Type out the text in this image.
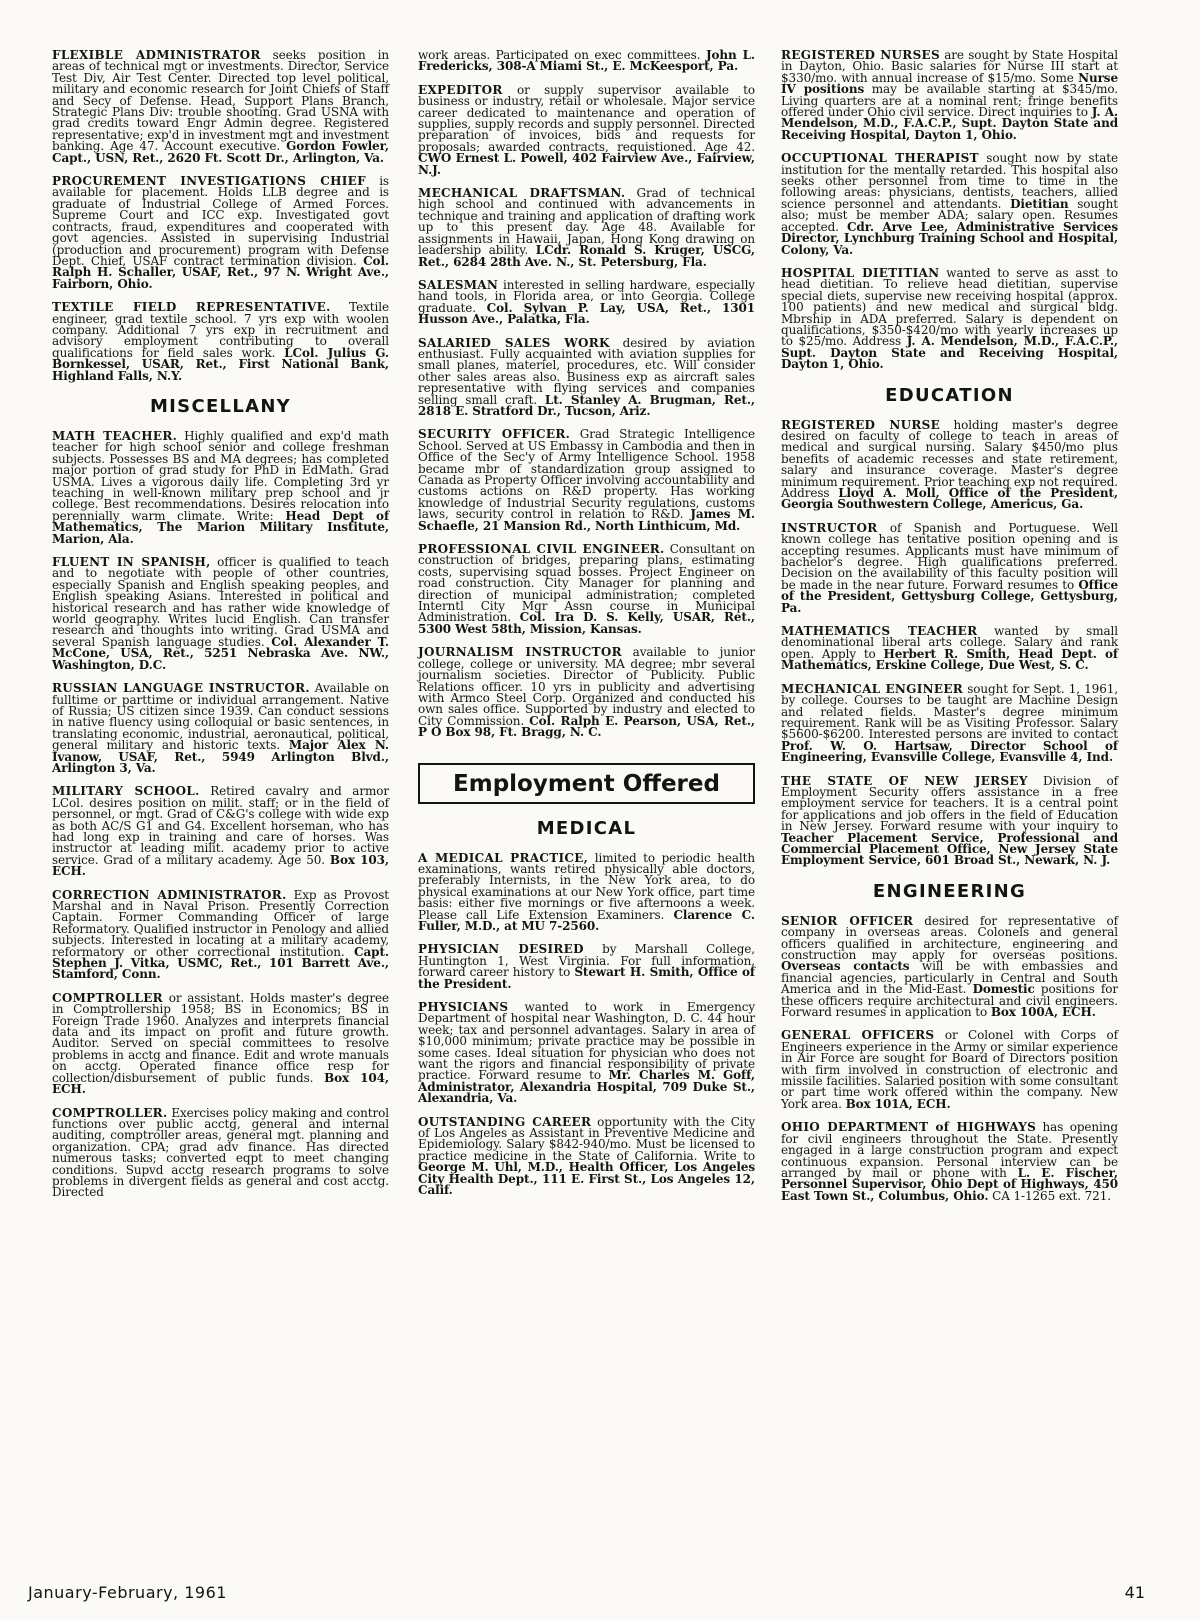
FLEXIBLE ADMINISTRATOR seeks position in areas of technical mgt or investments. Director, Service Test Div, Air Test Center. Directed top level political, military and economic research for Joint Chiefs of Staff and Secy of Defense. Head, Support Plans Branch, Strategic Plans Div: trouble shooting. Grad USNA with grad credits toward Engr Admin degree. Registered representative; exp'd in investment mgt and investment banking. Age 47. Account executive. Gordon Fowler, Capt., USN, Ret., 2620 Ft. Scott Dr., Arlington, Va.

PROCUREMENT INVESTIGATIONS CHIEF is available for placement. Holds LLB degree and is graduate of Industrial College of Armed Forces. Supreme Court and ICC exp. Investigated govt contracts, fraud, expenditures and cooperated with govt agencies. Assisted in supervising Industrial (production and procurement) program with Defense Dept. Chief, USAF contract termination division. Col. Ralph H. Schaller, USAF, Ret., 97 N. Wright Ave., Fairborn, Ohio.

TEXTILE FIELD REPRESENTATIVE. Textile engineer, grad textile school. 7 yrs exp with woolen company. Additional 7 yrs exp in recruitment and advisory employment contributing to overall qualifications for field sales work. LCol. Julius G. Bornkessel, USAR, Ret., First National Bank, Highland Falls, N.Y.

MISCELLANY

MATH TEACHER. Highly qualified and exp'd math teacher for high school senior and college freshman subjects. Possesses BS and MA degrees; has completed major portion of grad study for PhD in EdMath. Grad USMA. Lives a vigorous daily life. Completing 3rd yr teaching in well-known military prep school and jr college. Best recommendations. Desires relocation into perennially warm climate. Write: Head Dept of Mathematics, The Marion Military Institute, Marion, Ala.

FLUENT IN SPANISH, officer is qualified to teach and to negotiate with people of other countries, especially Spanish and English speaking peoples, and English speaking Asians. Interested in political and historical research and has rather wide knowledge of world geography. Writes lucid English. Can transfer research and thoughts into writing. Grad USMA and several Spanish language studies. Col. Alexander T. McCone, USA, Ret., 5251 Nebraska Ave. NW., Washington, D.C.

RUSSIAN LANGUAGE INSTRUCTOR. Available on fulltime or parttime or individual arrangement. Native of Russia; US citizen since 1939. Can conduct sessions in native fluency using colloquial or basic sentences, in translating economic, industrial, aeronautical, political, general military and historic texts. Major Alex N. Ivanow, USAF, Ret., 5949 Arlington Blvd., Arlington 3, Va.

MILITARY SCHOOL. Retired cavalry and armor LCol. desires position on milit. staff; or in the field of personnel, or mgt. Grad of C&G's college with wide exp as both AC/S G1 and G4. Excellent horseman, who has had long exp in training and care of horses. Was instructor at leading milit. academy prior to active service. Grad of a military academy. Age 50. Box 103, ECH.

CORRECTION ADMINISTRATOR. Exp as Provost Marshal and in Naval Prison. Presently Correction Captain. Former Commanding Officer of large Reformatory. Qualified instructor in Penology and allied subjects. Interested in locating at a military academy, reformatory or other correctional institution. Capt. Stephen J. Vitka, USMC, Ret., 101 Barrett Ave., Stamford, Conn.

COMPTROLLER or assistant. Holds master's degree in Comptrollership 1958; BS in Economics; BS in Foreign Trade 1960. Analyzes and interprets financial data and its impact on profit and future growth. Auditor. Served on special committees to resolve problems in acctg and finance. Edit and wrote manuals on acctg. Operated finance office resp for collection/disbursement of public funds. Box 104, ECH.

COMPTROLLER. Exercises policy making and control functions over public acctg, general and internal auditing, comptroller areas, general mgt. planning and organization. CPA; grad adv finance. Has directed numerous tasks; converted eqpt to meet changing conditions. Supvd acctg research programs to solve problems in divergent fields as general and cost acctg. Directed

work areas. Participated on exec committees. John L. Fredericks, 308-A Miami St., E. McKeesport, Pa.

EXPEDITOR or supply supervisor available to business or industry, retail or wholesale. Major service career dedicated to maintenance and operation of supplies, supply records and supply personnel. Directed preparation of invoices, bids and requests for proposals; awarded contracts, requistioned. Age 42. CWO Ernest L. Powell, 402 Fairview Ave., Fairview, N.J.

MECHANICAL DRAFTSMAN. Grad of technical high school and continued with advancements in technique and training and application of drafting work up to this present day. Age 48. Available for assignments in Hawaii, Japan, Hong Kong drawing on leadership ability. LCdr. Ronald S. Kruger, USCG, Ret., 6284 28th Ave. N., St. Petersburg, Fla.

SALESMAN interested in selling hardware, especially hand tools, in Florida area, or into Georgia. College graduate. Col. Sylvan P. Lay, USA, Ret., 1301 Husson Ave., Palatka, Fla.

SALARIED SALES WORK desired by aviation enthusiast. Fully acquainted with aviation supplies for small planes, materiel, procedures, etc. Will consider other sales areas also. Business exp as aircraft sales representative with flying services and companies selling small craft. Lt. Stanley A. Brugman, Ret., 2818 E. Stratford Dr., Tucson, Ariz.

SECURITY OFFICER. Grad Strategic Intelligence School. Served at US Embassy in Cambodia and then in Office of the Sec'y of Army Intelligence School. 1958 became mbr of standardization group assigned to Canada as Property Officer involving accountability and customs actions on R&D property. Has working knowledge of Industrial Security regulations, customs laws, security control in relation to R&D. James M. Schaefle, 21 Mansion Rd., North Linthicum, Md.

PROFESSIONAL CIVIL ENGINEER. Consultant on construction of bridges, preparing plans, estimating costs, supervising squad bosses. Project Engineer on road construction. City Manager for planning and direction of municipal administration; completed Interntl City Mgr Assn course in Municipal Administration. Col. Ira D. S. Kelly, USAR, Ret., 5300 West 58th, Mission, Kansas.

JOURNALISM INSTRUCTOR available to junior college, college or university. MA degree; mbr several journalism societies. Director of Publicity. Public Relations officer. 10 yrs in publicity and advertising with Armco Steel Corp. Organized and conducted his own sales office. Supported by industry and elected to City Commission. Col. Ralph E. Pearson, USA, Ret., P O Box 98, Ft. Bragg, N. C.

Employment Offered
MEDICAL

A MEDICAL PRACTICE, limited to periodic health examinations, wants retired physically able doctors, preferably Internists, in the New York area, to do physical examinations at our New York office, part time basis: either five mornings or five afternoons a week. Please call Life Extension Examiners. Clarence C. Fuller, M.D., at MU 7-2560.

PHYSICIAN DESIRED by Marshall College, Huntington 1, West Virginia. For full information, forward career history to Stewart H. Smith, Office of the President.

PHYSICIANS wanted to work in Emergency Department of hospital near Washington, D. C. 44 hour week; tax and personnel advantages. Salary in area of $10,000 minimum; private practice may be possible in some cases. Ideal situation for physician who does not want the rigors and financial responsibility of private practice. Forward resume to Mr. Charles M. Goff, Administrator, Alexandria Hospital, 709 Duke St., Alexandria, Va.

OUTSTANDING CAREER opportunity with the City of Los Angeles as Assistant in Preventive Medicine and Epidemiology. Salary $842-940/mo. Must be licensed to practice medicine in the State of California. Write to George M. Uhl, M.D., Health Officer, Los Angeles City Health Dept., 111 E. First St., Los Angeles 12, Calif.

REGISTERED NURSES are sought by State Hospital in Dayton, Ohio. Basic salaries for Nurse III start at $330/mo. with annual increase of $15/mo. Some Nurse IV positions may be available starting at $345/mo. Living quarters are at a nominal rent; fringe benefits offered under Ohio civil service. Direct inquiries to J. A. Mendelson, M.D., F.A.C.P., Supt. Dayton State and Receiving Hospital, Dayton 1, Ohio.

OCCUPTIONAL THERAPIST sought now by state institution for the mentally retarded. This hospital also seeks other personnel from time to time in the following areas: physicians, dentists, teachers, allied science personnel and attendants. Dietitian sought also; must be member ADA; salary open. Resumes accepted. Cdr. Arve Lee, Administrative Services Director, Lynchburg Training School and Hospital, Colony, Va.

HOSPITAL DIETITIAN wanted to serve as asst to head dietitian. To relieve head dietitian, supervise special diets, supervise new receiving hospital (approx. 100 patients) and new medical and surgical bldg. Mbrship in ADA preferred. Salary is dependent on qualifications, $350-$420/mo with yearly increases up to $25/mo. Address J. A. Mendelson, M.D., F.A.C.P., Supt. Dayton State and Receiving Hospital, Dayton 1, Ohio.

EDUCATION

REGISTERED NURSE holding master's degree desired on faculty of college to teach in areas of medical and surgical nursing. Salary $450/mo plus benefits of academic recesses and state retirement, salary and insurance coverage. Master's degree minimum requirement. Prior teaching exp not required. Address Lloyd A. Moll, Office of the President, Georgia Southwestern College, Americus, Ga.

INSTRUCTOR of Spanish and Portuguese. Well known college has tentative position opening and is accepting resumes. Applicants must have minimum of bachelor's degree. High qualifications preferred. Decision on the availability of this faculty position will be made in the near future. Forward resumes to Office of the President, Gettysburg College, Gettysburg, Pa.

MATHEMATICS TEACHER wanted by small denominational liberal arts college. Salary and rank open. Apply to Herbert R. Smith, Head Dept. of Mathematics, Erskine College, Due West, S. C.

MECHANICAL ENGINEER sought for Sept. 1, 1961, by college. Courses to be taught are Machine Design and related fields. Master's degree minimum requirement. Rank will be as Visiting Professor. Salary $5600-$6200. Interested persons are invited to contact Prof. W. O. Hartsaw, Director School of Engineering, Evansville College, Evansville 4, Ind.

THE STATE OF NEW JERSEY Division of Employment Security offers assistance in a free employment service for teachers. It is a central point for applications and job offers in the field of Education in New Jersey. Forward resume with your inquiry to Teacher Placement Service, Professional and Commercial Placement Office, New Jersey State Employment Service, 601 Broad St., Newark, N. J.

ENGINEERING

SENIOR OFFICER desired for representative of company in overseas areas. Colonels and general officers qualified in architecture, engineering and construction may apply for overseas positions. Overseas contacts will be with embassies and financial agencies, particularly in Central and South America and in the Mid-East. Domestic positions for these officers require architectural and civil engineers. Forward resumes in application to Box 100A, ECH.

GENERAL OFFICERS or Colonel with Corps of Engineers experience in the Army or similar experience in Air Force are sought for Board of Directors position with firm involved in construction of electronic and missile facilities. Salaried position with some consultant or part time work offered within the company. New York area. Box 101A, ECH.

OHIO DEPARTMENT of HIGHWAYS has opening for civil engineers throughout the State. Presently engaged in a large construction program and expect continuous expansion. Personal interview can be arranged by mail or phone with L. E. Fischer, Personnel Supervisor, Ohio Dept of Highways, 450 East Town St., Columbus, Ohio. CA 1-1265 ext. 721.

January-February, 1961	41
